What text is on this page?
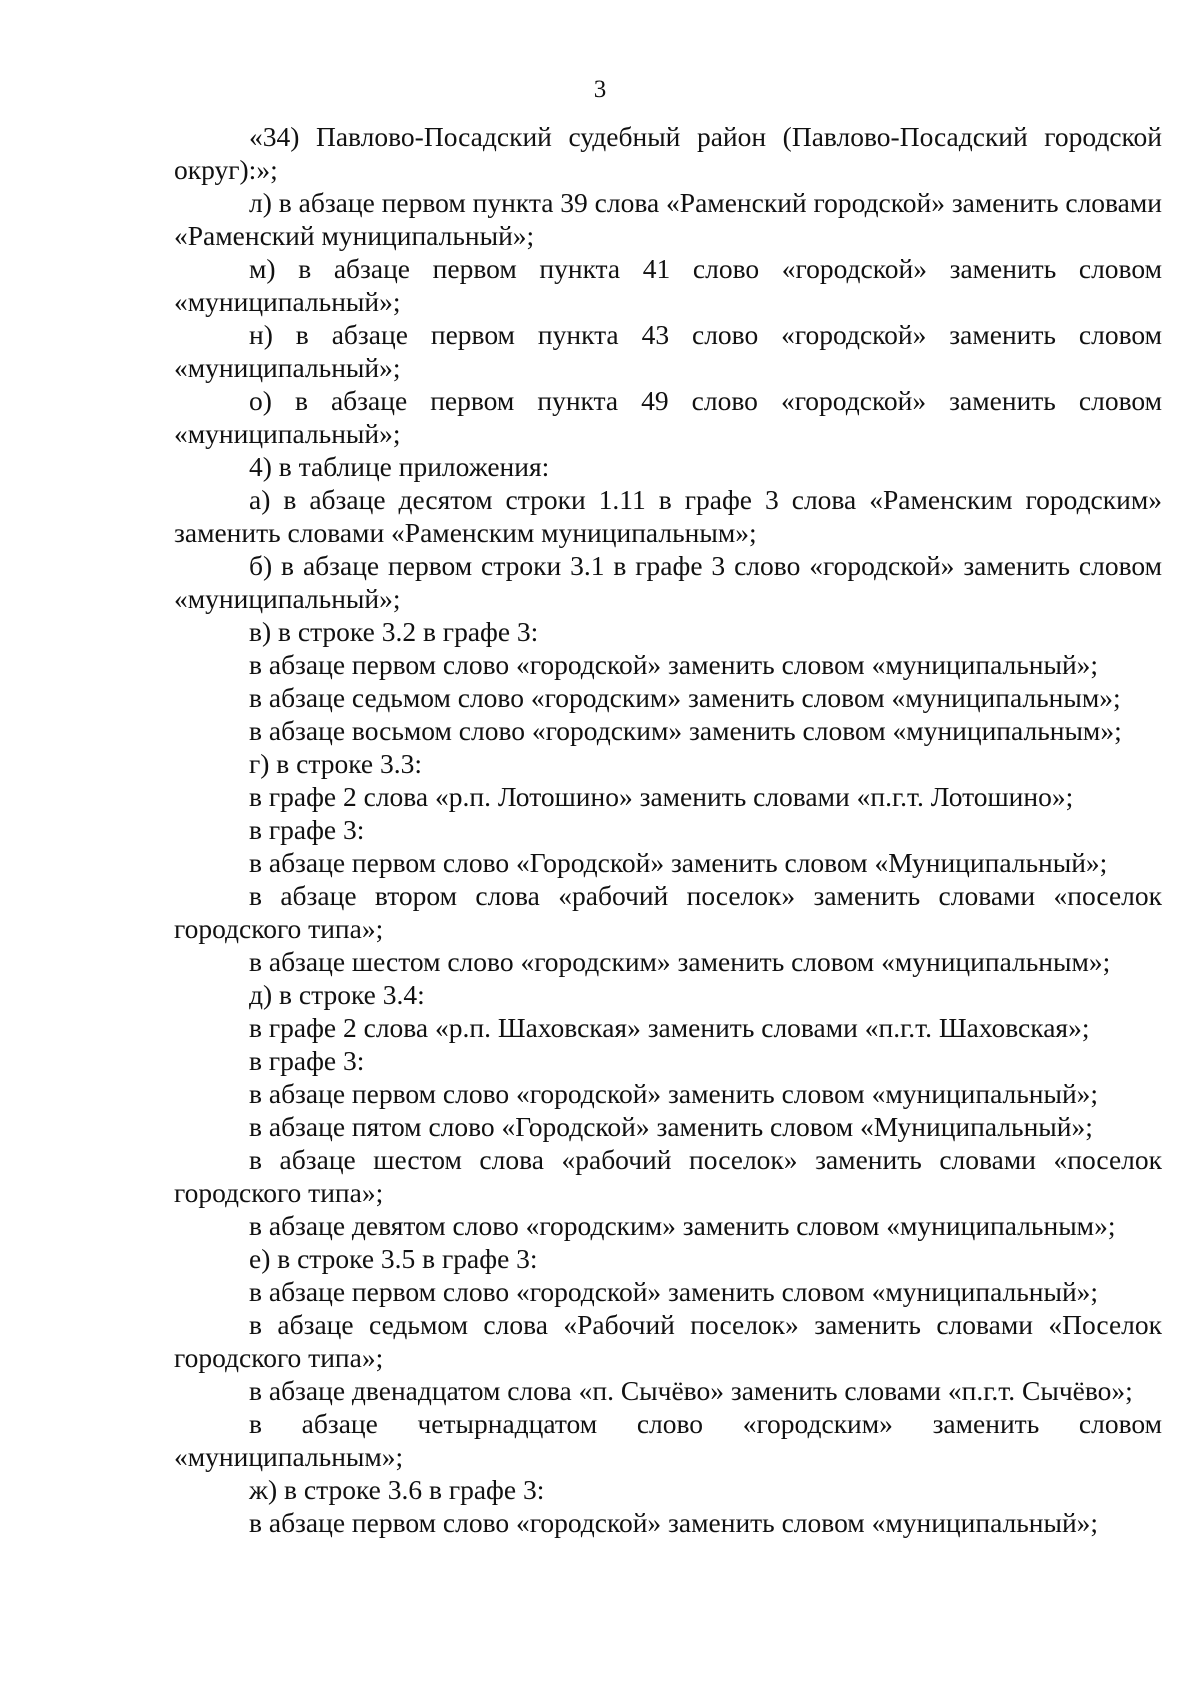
3

«34) Павлово-Посадский судебный район (Павлово-Посадский городской округ):»;

л) в абзаце первом пункта 39 слова «Раменский городской» заменить словами «Раменский муниципальный»;

м) в абзаце первом пункта 41 слово «городской» заменить словом «муниципальный»;

н) в абзаце первом пункта 43 слово «городской» заменить словом «муниципальный»;

о) в абзаце первом пункта 49 слово «городской» заменить словом «муниципальный»;

4) в таблице приложения:

а) в абзаце десятом строки 1.11 в графе 3 слова «Раменским городским» заменить словами «Раменским муниципальным»;

б) в абзаце первом строки 3.1 в графе 3 слово «городской» заменить словом «муниципальный»;

в) в строке 3.2 в графе 3:

в абзаце первом слово «городской» заменить словом «муниципальный»;

в абзаце седьмом слово «городским» заменить словом «муниципальным»;

в абзаце восьмом слово «городским» заменить словом «муниципальным»;

г) в строке 3.3:

в графе 2 слова «р.п. Лотошино» заменить словами «п.г.т. Лотошино»;

в графе 3:

в абзаце первом слово «Городской» заменить словом «Муниципальный»;

в абзаце втором слова «рабочий поселок» заменить словами «поселок городского типа»;

в абзаце шестом слово «городским» заменить словом «муниципальным»;

д) в строке 3.4:

в графе 2 слова «р.п. Шаховская» заменить словами «п.г.т. Шаховская»;

в графе 3:

в абзаце первом слово «городской» заменить словом «муниципальный»;

в абзаце пятом слово «Городской» заменить словом «Муниципальный»;

в абзаце шестом слова «рабочий поселок» заменить словами «поселок городского типа»;

в абзаце девятом слово «городским» заменить словом «муниципальным»;

е) в строке 3.5 в графе 3:

в абзаце первом слово «городской» заменить словом «муниципальный»;

в абзаце седьмом слова «Рабочий поселок» заменить словами «Поселок городского типа»;

в абзаце двенадцатом слова «п. Сычёво» заменить словами «п.г.т. Сычёво»;

в абзаце четырнадцатом слово «городским» заменить словом «муниципальным»;

ж) в строке 3.6 в графе 3:

в абзаце первом слово «городской» заменить словом «муниципальный»;
